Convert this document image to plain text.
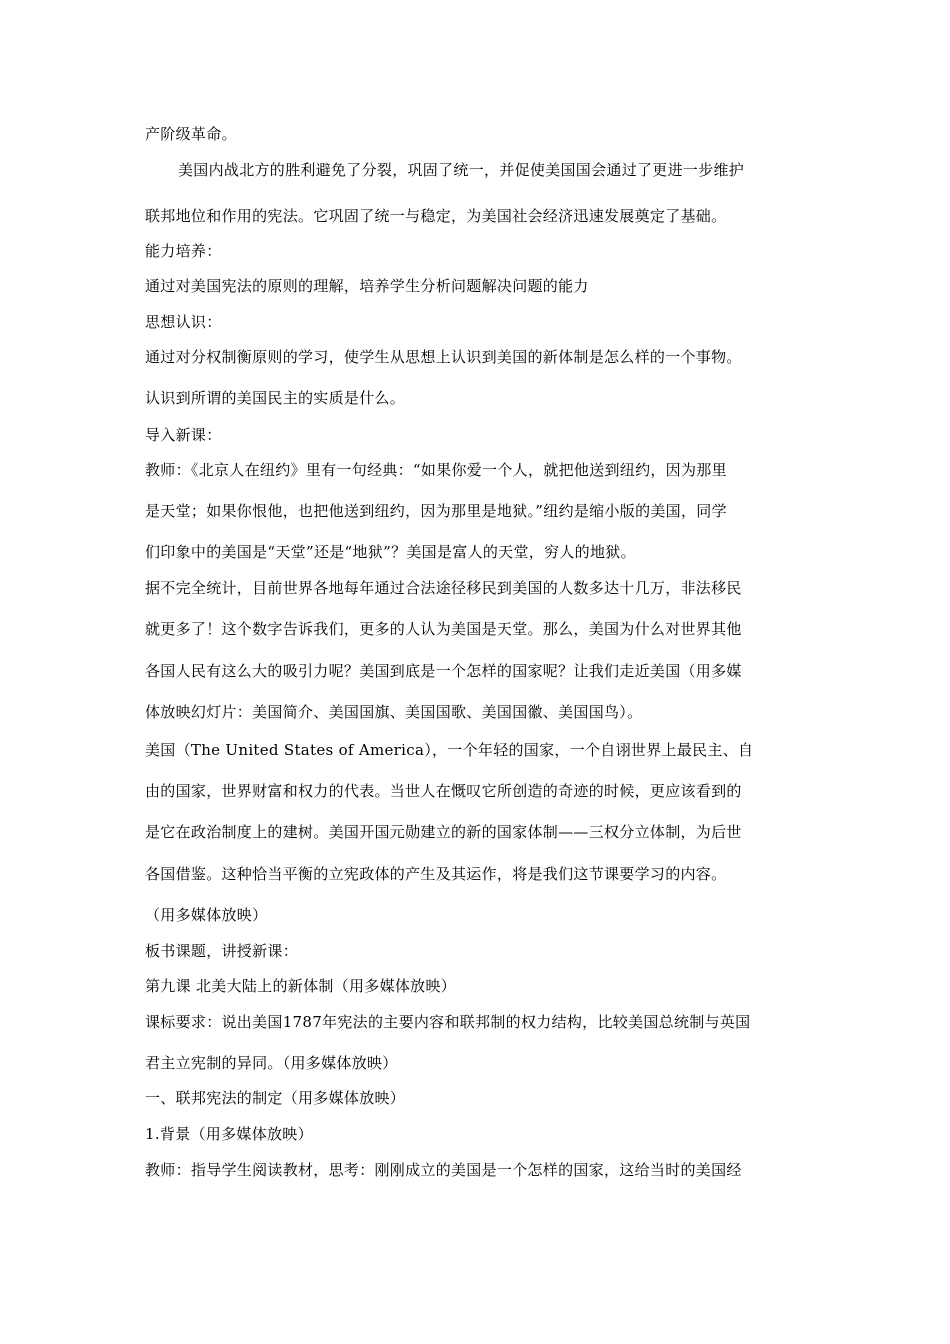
产阶级革命。
美国内战北方的胜利避免了分裂，巩固了统一，并促使美国国会通过了更进一步维护
联邦地位和作用的宪法。它巩固了统一与稳定，为美国社会经济迅速发展奠定了基础。
能力培养：
通过对美国宪法的原则的理解，培养学生分析问题解决问题的能力
思想认识：
通过对分权制衡原则的学习，使学生从思想上认识到美国的新体制是怎么样的一个事物。
认识到所谓的美国民主的实质是什么。
导入新课：
教师：《北京人在纽约》里有一句经典：“如果你爱一个人，就把他送到纽约，因为那里
是天堂；如果你恨他，也把他送到纽约，因为那里是地狱。”纽约是缩小版的美国，同学
们印象中的美国是“天堂”还是“地狱”？美国是富人的天堂，穷人的地狱。
据不完全统计，目前世界各地每年通过合法途径移民到美国的人数多达十几万，非法移民
就更多了！这个数字告诉我们，更多的人认为美国是天堂。那么，美国为什么对世界其他
各国人民有这么大的吸引力呢？美国到底是一个怎样的国家呢？让我们走近美国（用多媒
体放映幻灯片：美国简介、美国国旗、美国国歌、美国国徽、美国国鸟）。
美国（The United States of America），一个年轻的国家，一个自诩世界上最民主、自
由的国家，世界财富和权力的代表。当世人在慨叹它所创造的奇迹的时候，更应该看到的
是它在政治制度上的建树。美国开国元勋建立的新的国家体制——三权分立体制，为后世
各国借鉴。这种恰当平衡的立宪政体的产生及其运作，将是我们这节课要学习的内容。
（用多媒体放映）
板书课题，讲授新课：
第九课 北美大陆上的新体制（用多媒体放映）
课标要求：说出美国1787年宪法的主要内容和联邦制的权力结构，比较美国总统制与英国
君主立宪制的异同。（用多媒体放映）
一、联邦宪法的制定（用多媒体放映）
1.背景（用多媒体放映）
教师：指导学生阅读教材，思考：刚刚成立的美国是一个怎样的国家，这给当时的美国经
